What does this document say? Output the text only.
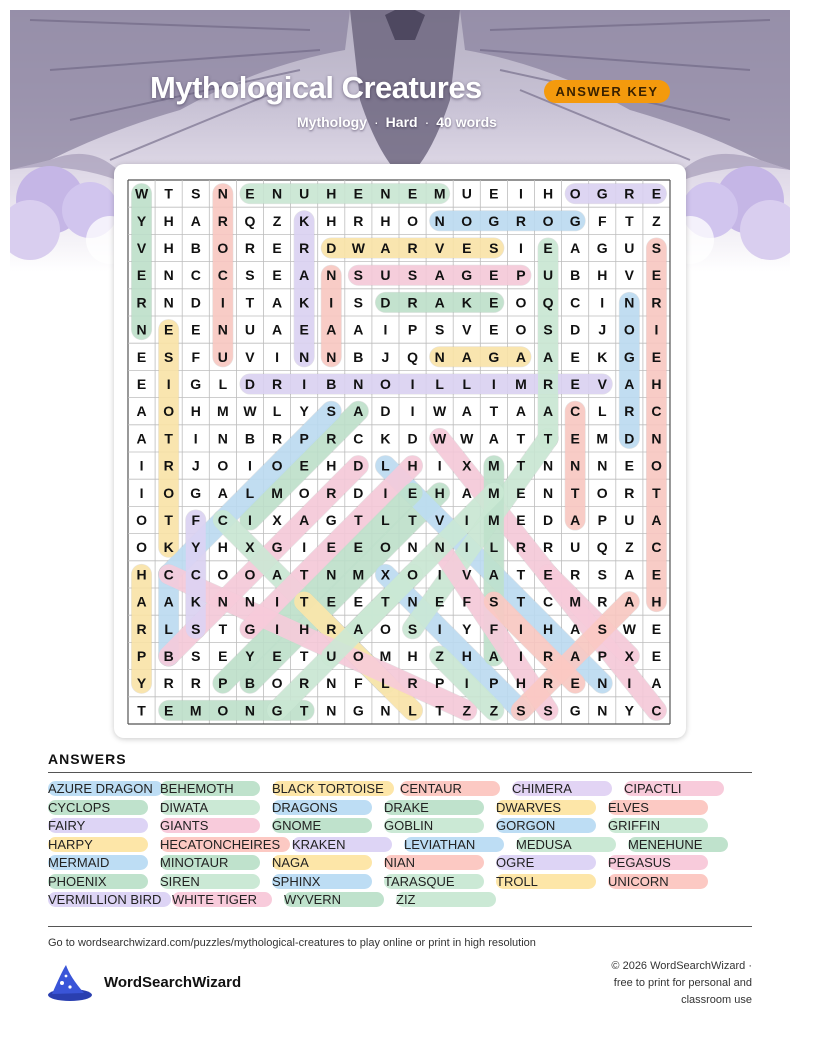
Mythological Creatures	ANSWER KEY
Mythology · Hard · 40 words
W T S N E N U H E N E M U E I H O G R E
Y H A R Q Z K H R H O N O G R O G F T Z
V H B O R E R D W A R V E S I E A G U S
E N C C S E A N S U S A G E P U B H V E
R N D I T A K I S D R A K E O Q C I N R
N E E N U A E A A I P S V E O S D J O I
E S F U V I N N B J Q N A G A A E K G E
E I G L D R I B N O I L L I M R E V A H
A O H M W L Y S A D I W A T A A C L R C
A T I N B R P R C K D W W A T T E M D N
I R J O I O E H D L H I X M T N N N E O
I O G A L M O R D I E H A M E N T O R T
O T F C I X A G T L T V I M E D A P U A
O K Y H X G I E E O N N I L R R U Q Z C
H C C O O A T N M X O I V A T E R S A E
A A K N N I T E E T N E F S T C M R A H
R L S T G I H R A O S I Y F I H A S W E
P B S E Y E T U O M H Z H A I R A P X E
Y R R P B O R N F L R P I P H R E N I A
T E M O N G T N G N L T Z Z S S G N Y C
ANSWERS
AZURE DRAGON BEHEMOTH	BLACK TORTOISE CENTAUR	CHIMERA	CIPACTLI
CYCLOPS	DIWATA	DRAGONS	DRAKE	DWARVES	ELVES
FAIRY	GIANTS	GNOME	GOBLIN	GORGON	GRIFFIN
HARPY	HECATONCHEIRES KRAKEN	LEVIATHAN	MEDUSA	MENEHUNE
MERMAID	MINOTAUR	NAGA	NIAN	OGRE	PEGASUS
PHOENIX	SIREN	SPHINX	TARASQUE	TROLL	UNICORN
VERMILLION BIRD WHITE TIGER WYVERN	ZIZ
Go to wordsearchwizard.com/puzzles/mythological-creatures to play online or print in high resolution
WordSearchWizard
© 2026 WordSearchWizard ·
free to print for personal and
classroom use
